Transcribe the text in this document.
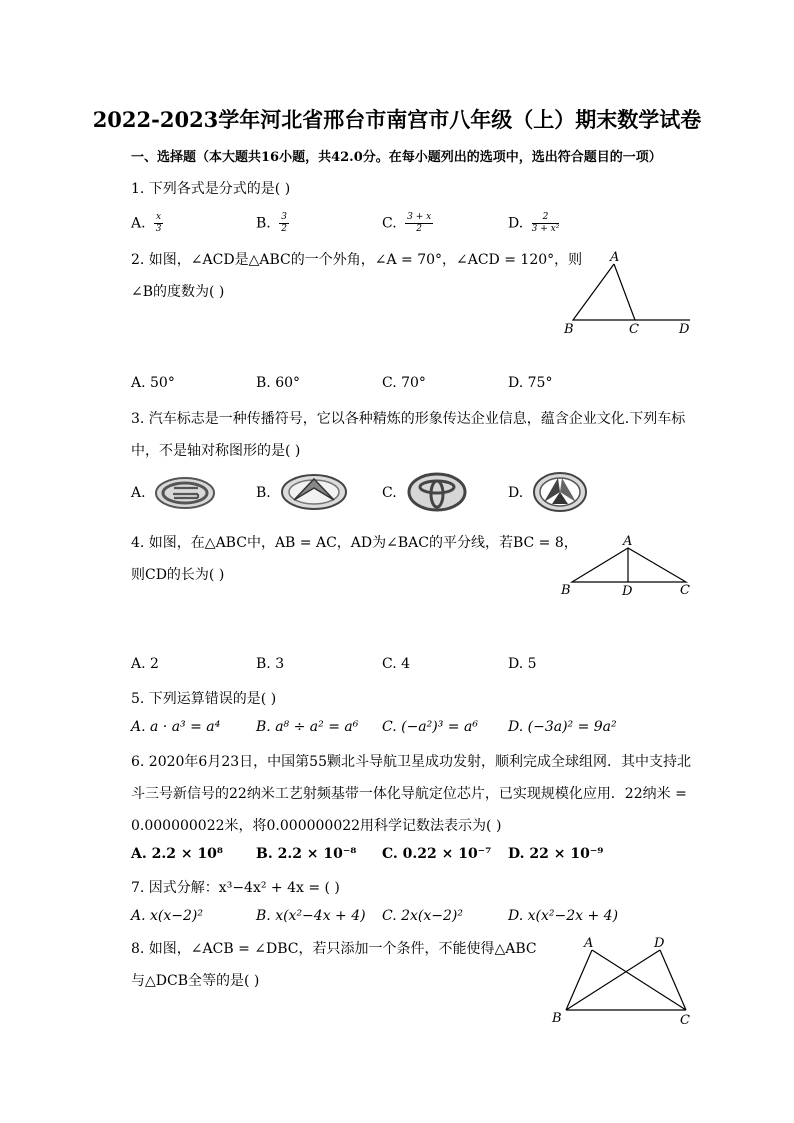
2022-2023学年河北省邢台市南宫市八年级（上）期末数学试卷
一、选择题（本大题共16小题，共42.0分。在每小题列出的选项中，选出符合题目的一项）
1. 下列各式是分式的是( )
A. $\frac{x}{3}$	B. $\frac{3}{2}$	C. $\frac{3 + x}{2}$	D. $\frac{2}{\text{3 + x²}}$
2. 如图，∠ACD是△ABC的一个外角，∠A = 70°，∠ACD = 120°，则
∠B的度数为( )
A
B	C	D
A. 50°	B. 60°	C. 70°	D. 75°
3. 汽车标志是一种传播符号，它以各种精炼的形象传达企业信息，蕴含企业文化.下列车标
中，不是轴对称图形的是( )
A.	B.	C.	D.
4. 如图，在△ABC中，AB = AC，AD为∠BAC的平分线，若BC = 8，
则CD的长为( )
A
B	D	C
A. 2	B. 3	C. 4	D. 5
5. 下列运算错误的是( )
A. a · a³ = a⁴	B. a⁸ ÷ a² = a⁶ C. (−a²)³ = a⁶ D. (−3a)² = 9a²
6. 2020年6月23日，中国第55颗北斗导航卫星成功发射，顺利完成全球组网．其中支持北
斗三号新信号的22纳米工艺射频基带一体化导航定位芯片，已实现规模化应用．22纳米 =
0.000000022米，将0.000000022用科学记数法表示为( )
A. 2.2 × 10⁸ B. 2.2 × 10⁻⁸ C. 0.22 × 10⁻⁷ D. 22 × 10⁻⁹
7. 因式分解：x³−4x² + 4x = ( )
A. x(x−2)²	B. x(x²−4x + 4) C. 2x(x−2)²	D. x(x²−2x + 4)
8. 如图，∠ACB = ∠DBC，若只添加一个条件，不能使得△ABC
与△DCB全等的是( )
A	D
B	C
